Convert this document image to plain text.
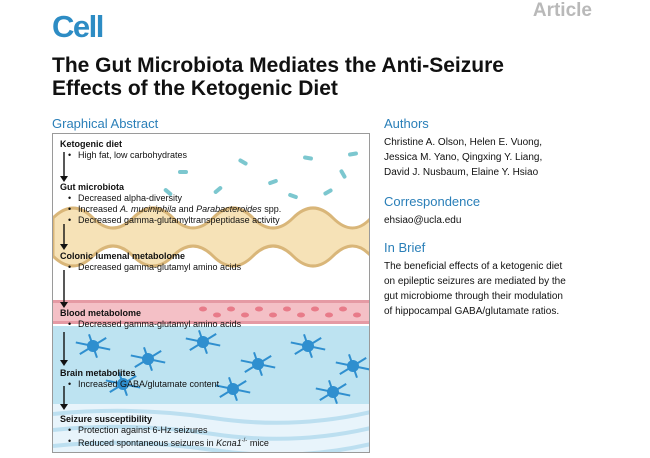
Cell	Article
The Gut Microbiota Mediates the Anti-Seizure
Effects of the Ketogenic Diet
Graphical Abstract
Ketogenic diet
• High fat, low carbohydrates
Gut microbiota
• Decreased alpha-diversity
• Increased A. muciniphila and Parabacteroides spp.
• Decreased gamma-glutamyltranspeptidase activity
Colonic lumenal metabolome
• Decreased gamma-glutamyl amino acids
Blood metabolome
• Decreased gamma-glutamyl amino acids
Brain metabolites
• Increased GABA/glutamate content
Seizure susceptibility
• Protection against 6-Hz seizures
• Reduced spontaneous seizures in Kcna1-/- mice
Authors
Christine A. Olson, Helen E. Vuong,
Jessica M. Yano, Qingxing Y. Liang,
David J. Nusbaum, Elaine Y. Hsiao
Correspondence
ehsiao@ucla.edu
In Brief
The beneficial effects of a ketogenic diet
on epileptic seizures are mediated by the
gut microbiome through their modulation
of hippocampal GABA/glutamate ratios.
